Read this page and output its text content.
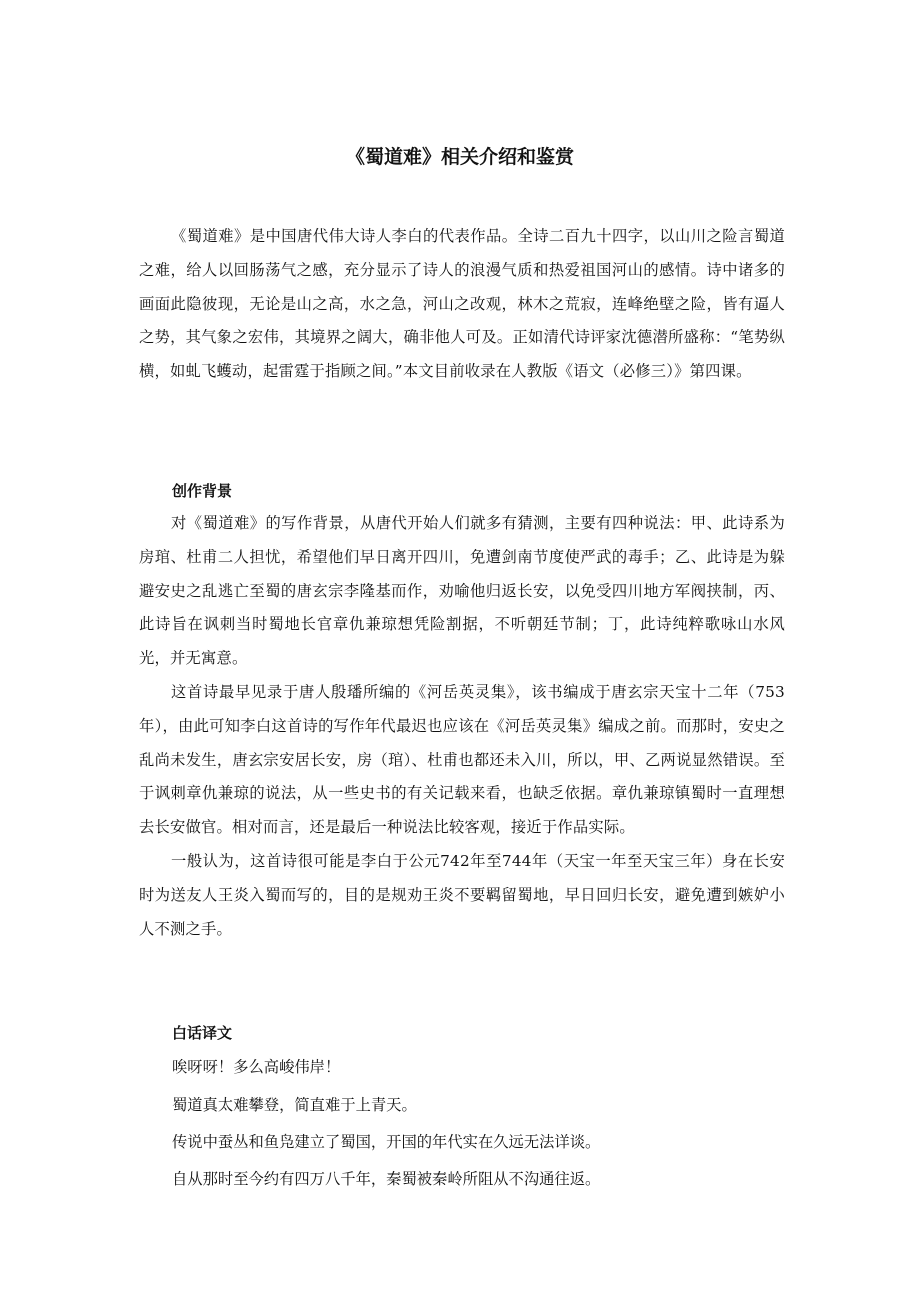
《蜀道难》相关介绍和鉴赏

《蜀道难》是中国唐代伟大诗人李白的代表作品。全诗二百九十四字，以山川之险言蜀道之难，给人以回肠荡气之感，充分显示了诗人的浪漫气质和热爱祖国河山的感情。诗中诸多的画面此隐彼现，无论是山之高，水之急，河山之改观，林木之荒寂，连峰绝壁之险，皆有逼人之势，其气象之宏伟，其境界之阔大，确非他人可及。正如清代诗评家沈德潜所盛称：“笔势纵横，如虬飞蠖动，起雷霆于指顾之间。”本文目前收录在人教版《语文（必修三）》第四课。

创作背景

对《蜀道难》的写作背景，从唐代开始人们就多有猜测，主要有四种说法：甲、此诗系为房琯、杜甫二人担忧，希望他们早日离开四川，免遭剑南节度使严武的毒手；乙、此诗是为躲避安史之乱逃亡至蜀的唐玄宗李隆基而作，劝喻他归返长安，以免受四川地方军阀挟制，丙、此诗旨在讽刺当时蜀地长官章仇兼琼想凭险割据，不听朝廷节制；丁，此诗纯粹歌咏山水风光，并无寓意。

这首诗最早见录于唐人殷璠所编的《河岳英灵集》，该书编成于唐玄宗天宝十二年（753年），由此可知李白这首诗的写作年代最迟也应该在《河岳英灵集》编成之前。而那时，安史之乱尚未发生，唐玄宗安居长安，房（琯）、杜甫也都还未入川，所以，甲、乙两说显然错误。至于讽刺章仇兼琼的说法，从一些史书的有关记载来看，也缺乏依据。章仇兼琼镇蜀时一直理想去长安做官。相对而言，还是最后一种说法比较客观，接近于作品实际。

一般认为，这首诗很可能是李白于公元742年至744年（天宝一年至天宝三年）身在长安时为送友人王炎入蜀而写的，目的是规劝王炎不要羁留蜀地，早日回归长安，避免遭到嫉妒小人不测之手。

白话译文

唉呀呀！多么高峻伟岸！

蜀道真太难攀登，简直难于上青天。

传说中蚕丛和鱼凫建立了蜀国，开国的年代实在久远无法详谈。

自从那时至今约有四万八千年，秦蜀被秦岭所阻从不沟通往返。
